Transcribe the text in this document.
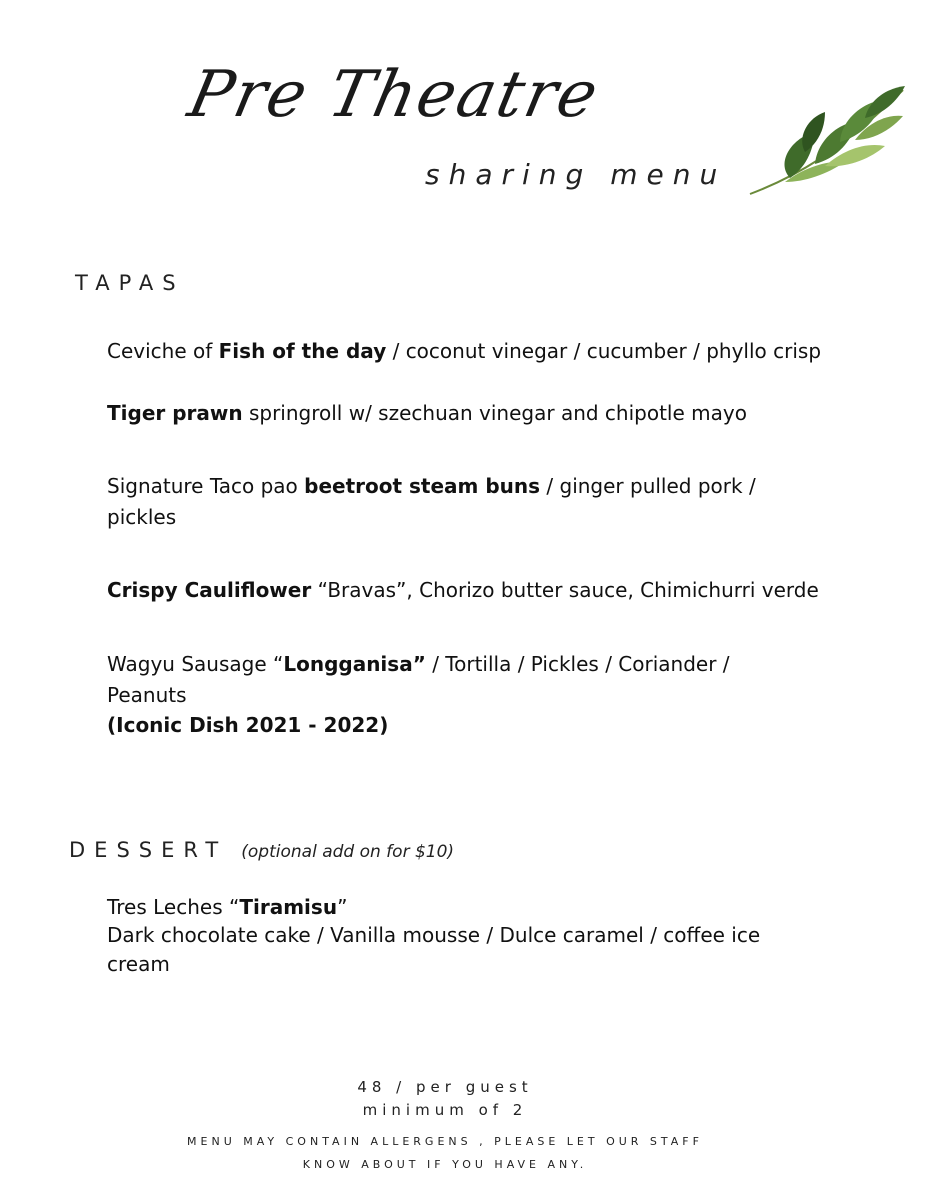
Pre Theatre
sharing menu
TAPAS
Ceviche of Fish of the day / coconut vinegar / cucumber / phyllo crisp
Tiger prawn springroll w/ szechuan vinegar and chipotle mayo
Signature Taco pao beetroot steam buns / ginger pulled pork / pickles
Crispy Cauliflower “Bravas”, Chorizo butter sauce, Chimichurri verde
Wagyu Sausage “Longganisa” / Tortilla / Pickles / Coriander / Peanuts
(Iconic Dish 2021 - 2022)
DESSERT (optional add on for $10)
Tres Leches “Tiramisu”
Dark chocolate cake / Vanilla mousse / Dulce caramel / coffee ice cream
48 / per guest
minimum of 2
MENU MAY CONTAIN ALLERGENS , PLEASE LET OUR STAFF
KNOW ABOUT IF YOU HAVE ANY.
